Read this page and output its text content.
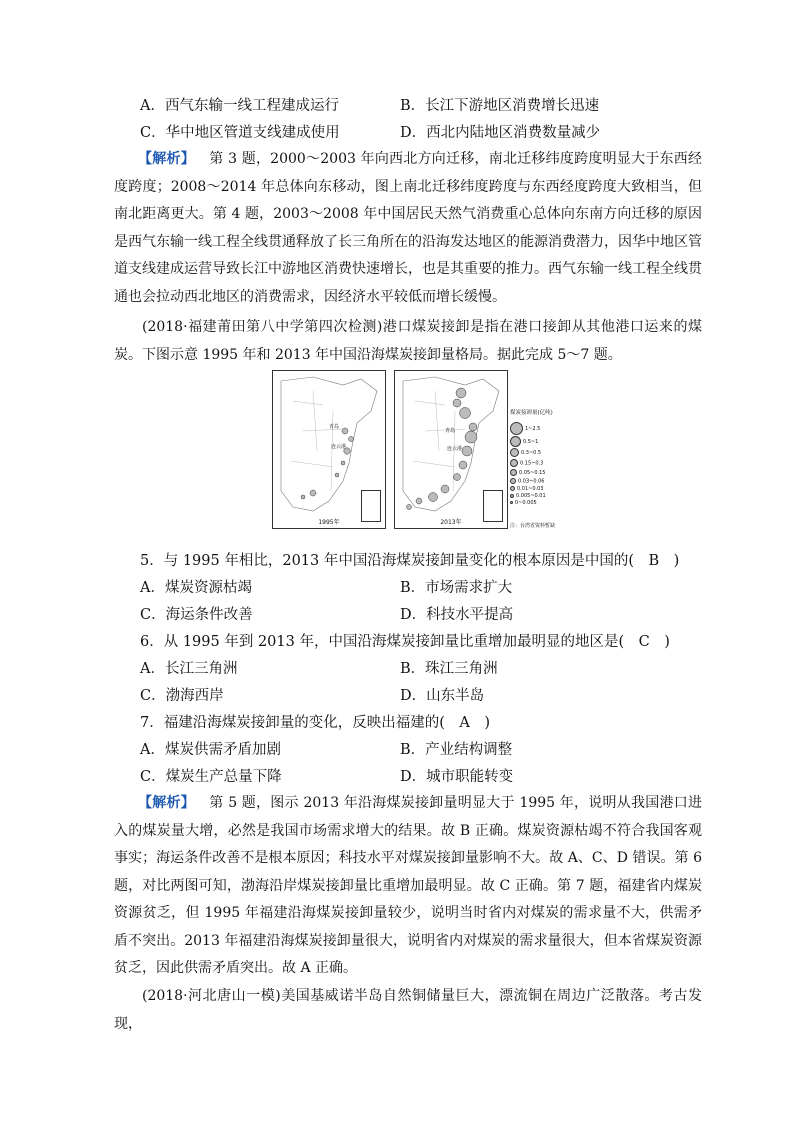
A．西气东输一线工程建成运行	B．长江下游地区消费增长迅速
C．华中地区管道支线建成使用	D．西北内陆地区消费数量减少
【解析】  第 3 题，2000～2003 年向西北方向迁移，南北迁移纬度跨度明显大于东西经度跨度；2008～2014 年总体向东移动，图上南北迁移纬度跨度与东西经度跨度大致相当，但南北距离更大。第 4 题，2003～2008 年中国居民天然气消费重心总体向东南方向迁移的原因是西气东输一线工程全线贯通释放了长三角所在的沿海发达地区的能源消费潜力，因华中地区管道支线建成运营导致长江中游地区消费快速增长，也是其重要的推力。西气东输一线工程全线贯通也会拉动西北地区的消费需求，因经济水平较低而增长缓慢。
(2018·福建莆田第八中学第四次检测)港口煤炭接卸是指在港口接卸从其他港口运来的煤炭。下图示意 1995 年和 2013 年中国沿海煤炭接卸量格局。据此完成 5～7 题。
青岛
连云港
1995年
青岛
连云港
2013年
煤炭接卸量(亿吨)
1~2.5
0.5~1
0.3~0.5
0.15~0.3
0.05~0.15
0.03~0.06
0.01~0.03
0.005~0.01
0~0.005
注：台湾省资料暂缺
5．与 1995 年相比，2013 年中国沿海煤炭接卸量变化的根本原因是中国的(　B　)
A．煤炭资源枯竭	B．市场需求扩大
C．海运条件改善	D．科技水平提高
6．从 1995 年到 2013 年，中国沿海煤炭接卸量比重增加最明显的地区是(　C　)
A．长江三角洲	B．珠江三角洲
C．渤海西岸	D．山东半岛
7．福建沿海煤炭接卸量的变化，反映出福建的(　A　)
A．煤炭供需矛盾加剧	B．产业结构调整
C．煤炭生产总量下降	D．城市职能转变
【解析】  第 5 题，图示 2013 年沿海煤炭接卸量明显大于 1995 年，说明从我国港口进入的煤炭量大增，必然是我国市场需求增大的结果。故 B 正确。煤炭资源枯竭不符合我国客观事实；海运条件改善不是根本原因；科技水平对煤炭接卸量影响不大。故 A、C、D 错误。第 6 题，对比两图可知，渤海沿岸煤炭接卸量比重增加最明显。故 C 正确。第 7 题，福建省内煤炭资源贫乏，但 1995 年福建沿海煤炭接卸量较少，说明当时省内对煤炭的需求量不大，供需矛盾不突出。2013 年福建沿海煤炭接卸量很大，说明省内对煤炭的需求量很大，但本省煤炭资源贫乏，因此供需矛盾突出。故 A 正确。
(2018·河北唐山一模)美国基威诺半岛自然铜储量巨大，漂流铜在周边广泛散落。考古发现，
